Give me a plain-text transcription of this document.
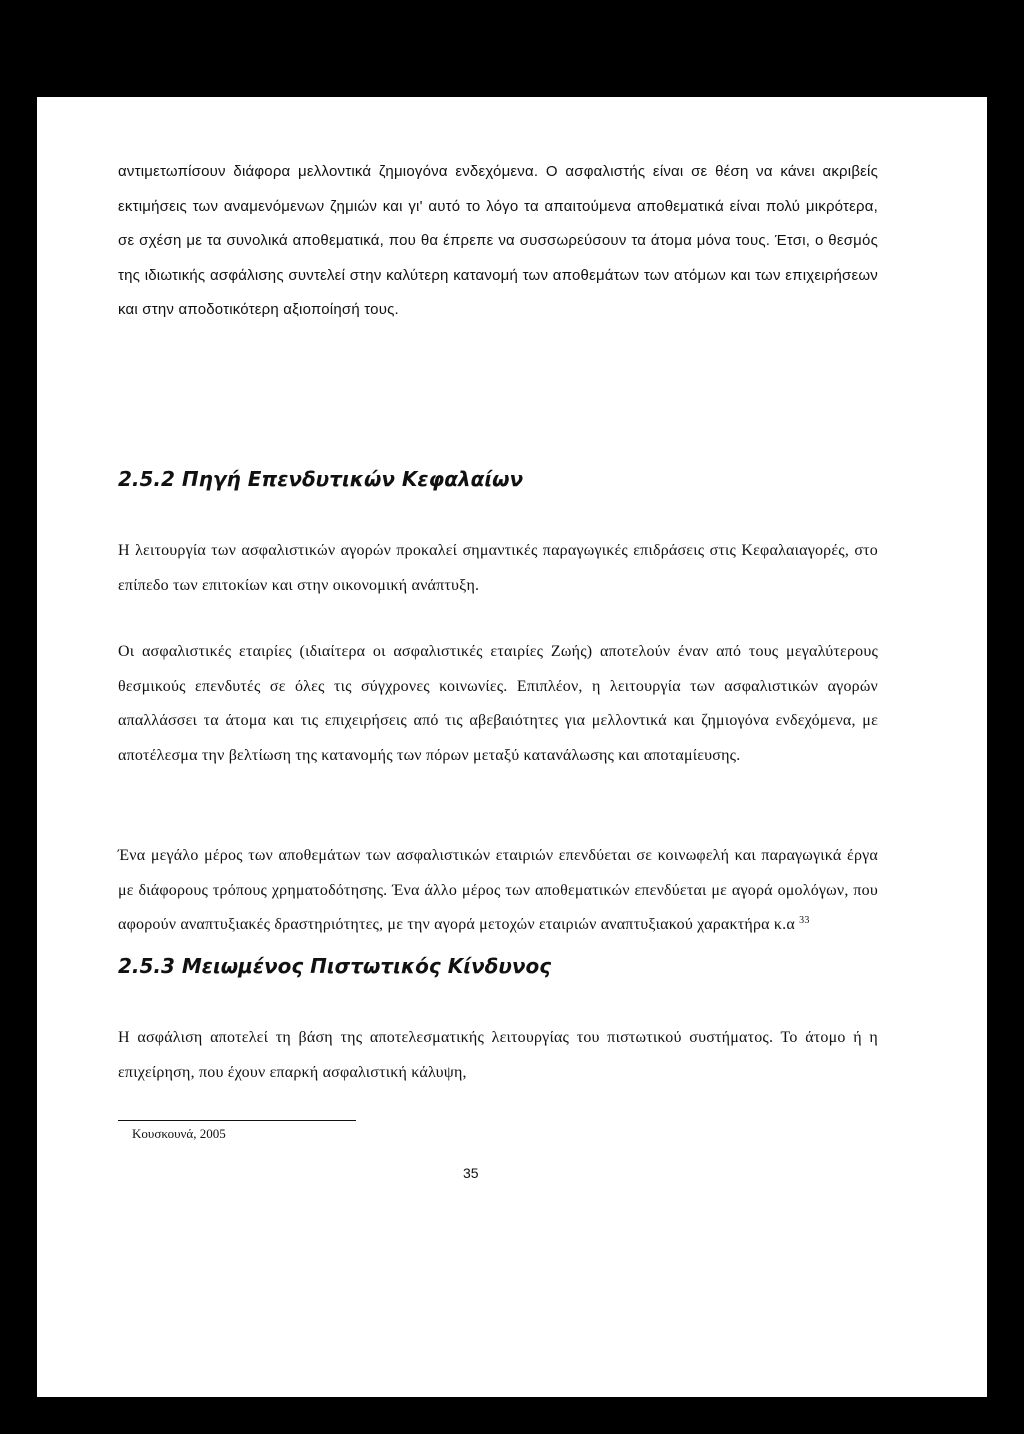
αντιμετωπίσουν διάφορα μελλοντικά ζημιογόνα ενδεχόμενα. Ο ασφαλιστής είναι σε θέση να κάνει ακριβείς εκτιμήσεις των αναμενόμενων ζημιών και γι' αυτό το λόγο τα απαιτούμενα αποθεματικά είναι πολύ μικρότερα, σε σχέση με τα συνολικά αποθεματικά, που θα έπρεπε να συσσωρεύσουν τα άτομα μόνα τους. Έτσι, ο θεσμός της ιδιωτικής ασφάλισης συντελεί στην καλύτερη κατανομή των αποθεμάτων των ατόμων και των επιχειρήσεων και στην αποδοτικότερη αξιοποίησή τους.

2.5.2 Πηγή Επενδυτικών Κεφαλαίων

Η λειτουργία των ασφαλιστικών αγορών προκαλεί σημαντικές παραγωγικές επιδράσεις στις Κεφαλαιαγορές, στο επίπεδο των επιτοκίων και στην οικονομική ανάπτυξη.

Οι ασφαλιστικές εταιρίες (ιδιαίτερα οι ασφαλιστικές εταιρίες Ζωής) αποτελούν έναν από τους μεγαλύτερους θεσμικούς επενδυτές σε όλες τις σύγχρονες κοινωνίες. Επιπλέον, η λειτουργία των ασφαλιστικών αγορών απαλλάσσει τα άτομα και τις επιχειρήσεις από τις αβεβαιότητες για μελλοντικά και ζημιογόνα ενδεχόμενα, με αποτέλεσμα την βελτίωση της κατανομής των πόρων μεταξύ κατανάλωσης και αποταμίευσης.

Ένα μεγάλο μέρος των αποθεμάτων των ασφαλιστικών εταιριών επενδύεται σε κοινωφελή και παραγωγικά έργα με διάφορους τρόπους χρηματοδότησης. Ένα άλλο μέρος των αποθεματικών επενδύεται με αγορά ομολόγων, που αφορούν αναπτυξιακές δραστηριότητες, με την αγορά μετοχών εταιριών αναπτυξιακού χαρακτήρα κ.α $^{33}$

2.5.3 Μειωμένος Πιστωτικός Κίνδυνος

Η ασφάλιση αποτελεί τη βάση της αποτελεσματικής λειτουργίας του πιστωτικού συστήματος. Το άτομο ή η επιχείρηση, που έχουν επαρκή ασφαλιστική κάλυψη,

Κουσκουνά, 2005
35
